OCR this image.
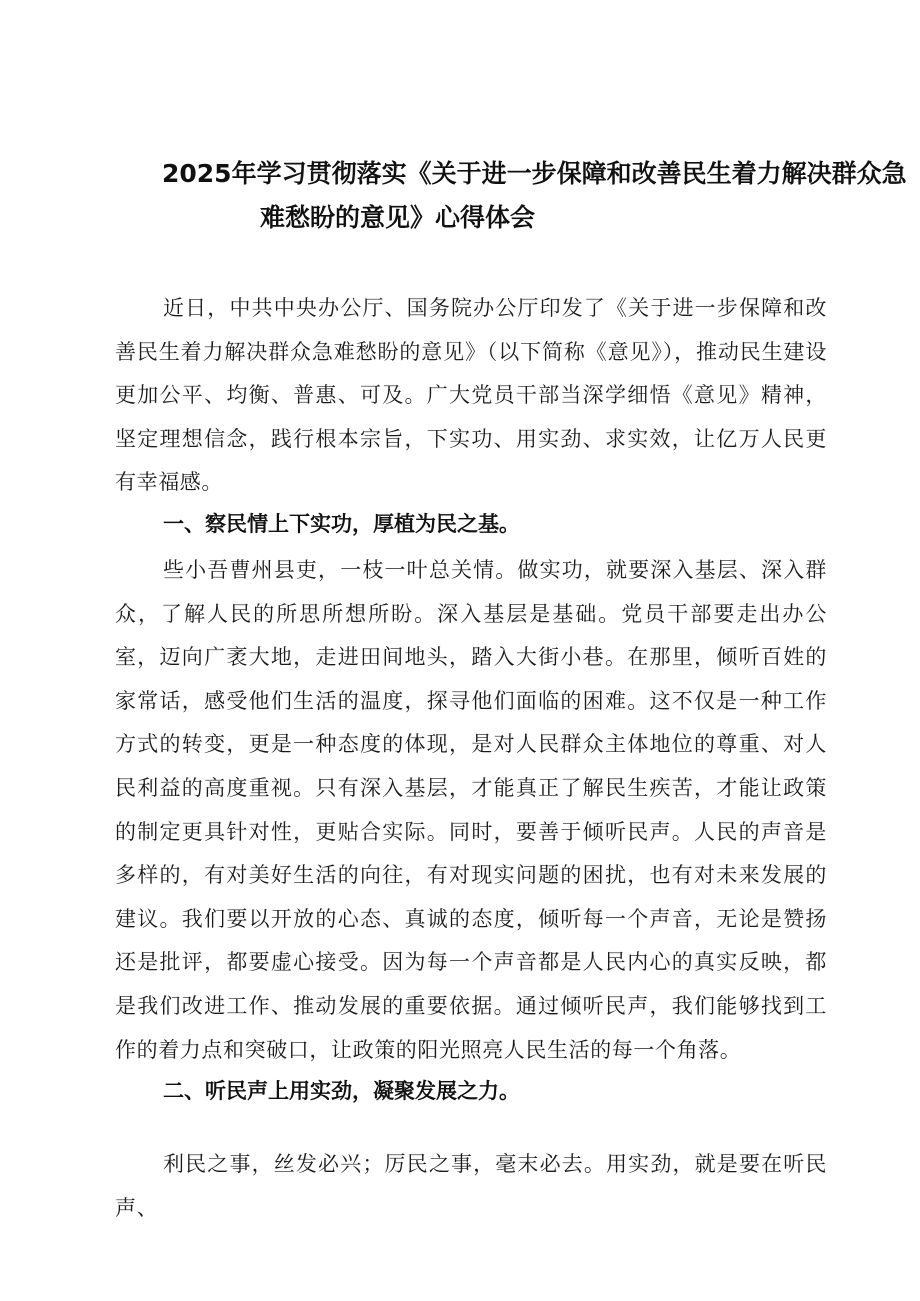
2025年学习贯彻落实《关于进一步保障和改善民生着力解决群众急
难愁盼的意见》心得体会

近日，中共中央办公厅、国务院办公厅印发了《关于进一步保障和改善民生着力解决群众急难愁盼的意见》（以下简称《意见》），推动民生建设更加公平、均衡、普惠、可及。广大党员干部当深学细悟《意见》精神，坚定理想信念，践行根本宗旨，下实功、用实劲、求实效，让亿万人民更有幸福感。

一、察民情上下实功，厚植为民之基。

些小吾曹州县吏，一枝一叶总关情。做实功，就要深入基层、深入群众，了解人民的所思所想所盼。深入基层是基础。党员干部要走出办公室，迈向广袤大地，走进田间地头，踏入大街小巷。在那里，倾听百姓的家常话，感受他们生活的温度，探寻他们面临的困难。这不仅是一种工作方式的转变，更是一种态度的体现，是对人民群众主体地位的尊重、对人民利益的高度重视。只有深入基层，才能真正了解民生疾苦，才能让政策的制定更具针对性，更贴合实际。同时，要善于倾听民声。人民的声音是多样的，有对美好生活的向往，有对现实问题的困扰，也有对未来发展的建议。我们要以开放的心态、真诚的态度，倾听每一个声音，无论是赞扬还是批评，都要虚心接受。因为每一个声音都是人民内心的真实反映，都是我们改进工作、推动发展的重要依据。通过倾听民声，我们能够找到工作的着力点和突破口，让政策的阳光照亮人民生活的每一个角落。

二、听民声上用实劲，凝聚发展之力。

利民之事，丝发必兴；厉民之事，毫末必去。用实劲，就是要在听民声、
